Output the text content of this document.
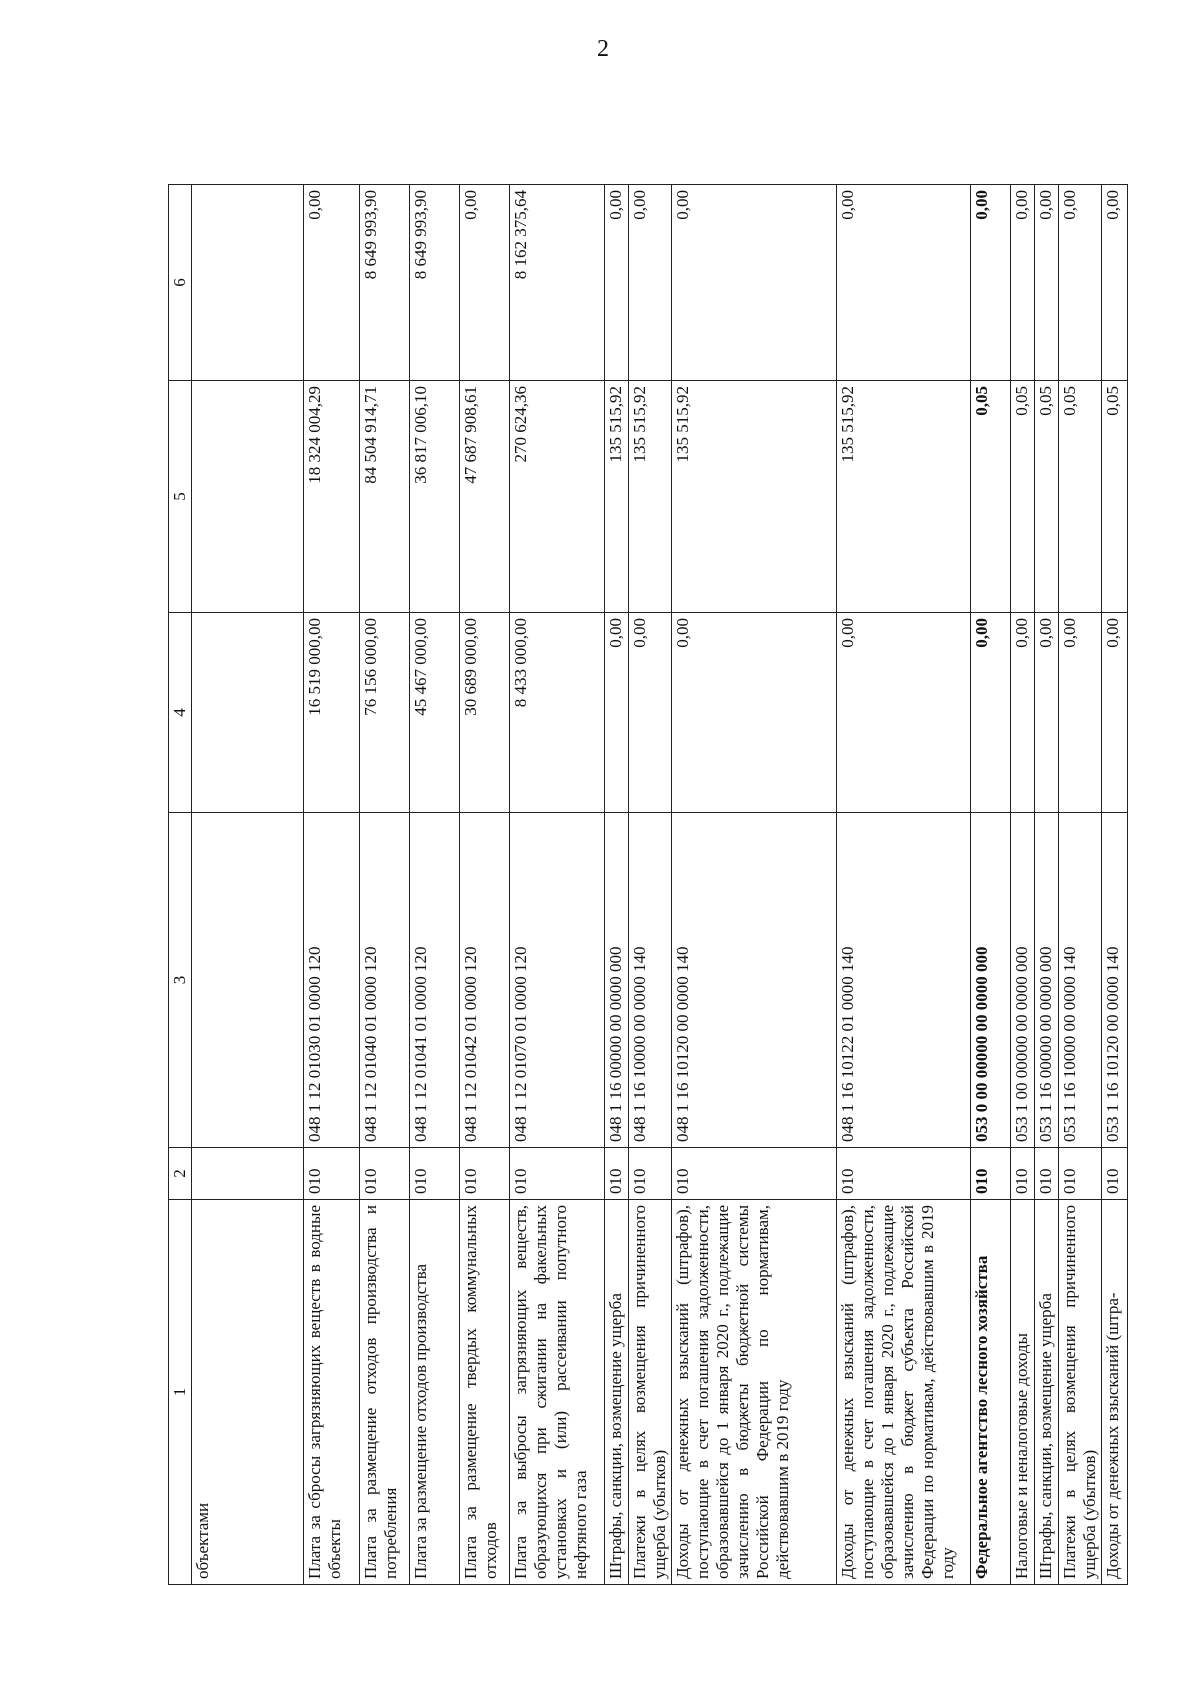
2
1	2	3	4	5	6
объектами					
Плата за сбросы загрязняющих веществ в водные объекты	010	048 1 12 01030 01 0000 120	16 519 000,00	18 324 004,29	0,00
Плата за размещение отходов производства и потребления	010	048 1 12 01040 01 0000 120	76 156 000,00	84 504 914,71	8 649 993,90
Плата за размещение отходов производства	010	048 1 12 01041 01 0000 120	45 467 000,00	36 817 006,10	8 649 993,90
Плата за размещение твердых коммунальных отходов	010	048 1 12 01042 01 0000 120	30 689 000,00	47 687 908,61	0,00
Плата за выбросы загрязняющих веществ, образующихся при сжигании на факельных установках и (или) рассеивании попутного нефтяного газа	010	048 1 12 01070 01 0000 120	8 433 000,00	270 624,36	8 162 375,64
Штрафы, санкции, возмещение ущерба	010	048 1 16 00000 00 0000 000	0,00	135 515,92	0,00
Платежи в целях возмещения причиненного ущерба (убытков)	010	048 1 16 10000 00 0000 140	0,00	135 515,92	0,00
Доходы от денежных взысканий (штрафов), поступающие в счет погашения задолженности, образовавшейся до 1 января 2020 г., подлежащие зачислению в бюджеты бюджетной системы Российской Федерации по нормативам, действовавшим в 2019 году	010	048 1 16 10120 00 0000 140	0,00	135 515,92	0,00
Доходы от денежных взысканий (штрафов), поступающие в счет погашения задолженности, образовавшейся до 1 января 2020 г., подлежащие зачислению в бюджет субъекта Российской Федерации по нормативам, действовавшим в 2019 году	010	048 1 16 10122 01 0000 140	0,00	135 515,92	0,00
Федеральное агентство лесного хозяйства	010	053 0 00 00000 00 0000 000	0,00	0,05	0,00
Налоговые и неналоговые доходы	010	053 1 00 00000 00 0000 000	0,00	0,05	0,00
Штрафы, санкции, возмещение ущерба	010	053 1 16 00000 00 0000 000	0,00	0,05	0,00
Платежи в целях возмещения причиненного ущерба (убытков)	010	053 1 16 10000 00 0000 140	0,00	0,05	0,00
Доходы от денежных взысканий (штра-	010	053 1 16 10120 00 0000 140	0,00	0,05	0,00
